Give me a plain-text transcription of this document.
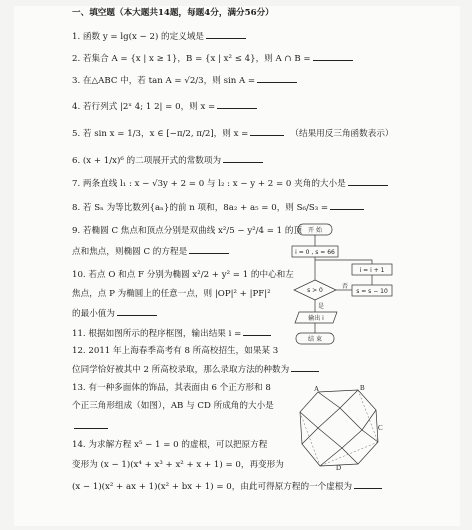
一、填空题（本大题共14题，每题4分，满分56分）
1. 函数 y = lg(x − 2) 的定义域是
2. 若集合 A = {x | x ≥ 1}，B = {x | x² ≤ 4}，则 A ∩ B =
3. 在△ABC 中，若 tan A = √2/3，则 sin A =
4. 若行列式 |2ˣ 4; 1 2| = 0，则 x =
5. 若 sin x = 1/3，x ∈ [−π/2, π/2]，则 x =	（结果用反三角函数表示）
6. (x + 1/x)⁶ 的二项展开式的常数项为
7. 两条直线 l₁ : x − √3y + 2 = 0 与 l₂ : x − y + 2 = 0 夹角的大小是
8. 若 Sₙ 为等比数列{aₙ}的前 n 项和，8a₂ + a₅ = 0，则 S₆/S₃ =
9. 若椭圆 C 焦点和顶点分别是双曲线 x²/5 − y²/4 = 1 的顶
点和焦点，则椭圆 C 的方程是
10. 若点 O 和点 F 分别为椭圆 x²/2 + y² = 1 的中心和左
焦点，点 P 为椭圆上的任意一点，则 |OP|² + |PF|²
的最小值为
11. 根据如图所示的程序框图，输出结果 i =
12. 2011 年上海春季高考有 8 所高校招生，如果某 3
位同学恰好被其中 2 所高校录取，那么录取方法的种数为
13. 有一种多面体的饰品，其表面由 6 个正方形和 8
个正三角形组成（如图），AB 与 CD 所成角的大小是
14. 为求解方程 x⁵ − 1 = 0 的虚根，可以把原方程
变形为 (x − 1)(x⁴ + x³ + x² + x + 1) = 0，再变形为
(x − 1)(x² + ax + 1)(x² + bx + 1) = 0，由此可得原方程的一个虚根为
开 始
i = 0 , s = 66
i = i + 1
s > 0	s = s − 10
否
是
输出 i
结 束
A	B
C
D
